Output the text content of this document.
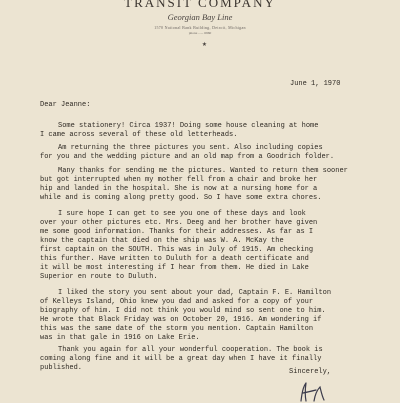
TRANSIT COMPANY
Georgian Bay Line
1570 National Bank Building, Detroit, Michigan
phone ...... 6960
★
June 1, 1970
Dear Jeanne:
Some stationery! Circa 1937! Doing some house cleaning at home
I came across several of these old letterheads.
Am returning the three pictures you sent. Also including copies
for you and the wedding picture and an old map from a Goodrich folder.
Many thanks for sending me the pictures. Wanted to return them sooner
but got interrupted when my mother fell from a chair and broke her
hip and landed in the hospital. She is now at a nursing home for a
while and is coming along pretty good. So I have some extra chores.
I sure hope I can get to see you one of these days and look
over your other pictures etc. Mrs. Deeg and her brother have given
me some good information. Thanks for their addresses. As far as I
know the captain that died on the ship was W. A. McKay the
first captain on the SOUTH. This was in July of 1915. Am checking
this further. Have written to Duluth for a death certificate and
it will be most interesting if I hear from them. He died in Lake
Superior en route to Duluth.
I liked the story you sent about your dad, Captain F. E. Hamilton
of Kelleys Island, Ohio knew you dad and asked for a copy of your
biography of him. I did not think you would mind so sent one to him.
He wrote that Black Friday was on October 20, 1916. Am wondering if
this was the same date of the storm you mention. Captain Hamilton
was in that gale in 1916 on Lake Erie.
Thank you again for all your wonderful cooperation. The book is
coming along fine and it will be a great day when I have it finally
published.	Sincerely,
